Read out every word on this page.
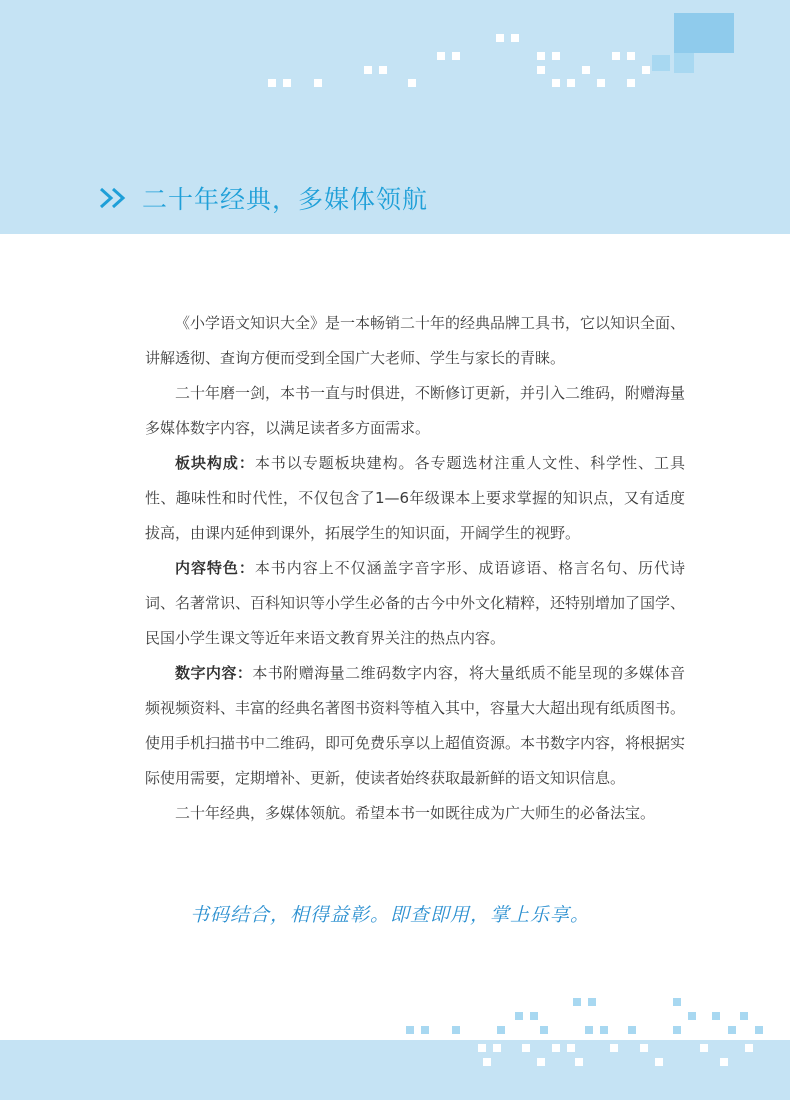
二十年经典，多媒体领航

《小学语文知识大全》是一本畅销二十年的经典品牌工具书，它以知识全面、讲解透彻、查询方便而受到全国广大老师、学生与家长的青睐。

二十年磨一剑，本书一直与时俱进，不断修订更新，并引入二维码，附赠海量多媒体数字内容，以满足读者多方面需求。

板块构成：本书以专题板块建构。各专题选材注重人文性、科学性、工具性、趣味性和时代性，不仅包含了1—6年级课本上要求掌握的知识点，又有适度拔高，由课内延伸到课外，拓展学生的知识面，开阔学生的视野。

内容特色：本书内容上不仅涵盖字音字形、成语谚语、格言名句、历代诗词、名著常识、百科知识等小学生必备的古今中外文化精粹，还特别增加了国学、民国小学生课文等近年来语文教育界关注的热点内容。

数字内容：本书附赠海量二维码数字内容，将大量纸质不能呈现的多媒体音频视频资料、丰富的经典名著图书资料等植入其中，容量大大超出现有纸质图书。使用手机扫描书中二维码，即可免费乐享以上超值资源。本书数字内容，将根据实际使用需要，定期增补、更新，使读者始终获取最新鲜的语文知识信息。

二十年经典，多媒体领航。希望本书一如既往成为广大师生的必备法宝。

书码结合，相得益彰。即查即用，掌上乐享。
